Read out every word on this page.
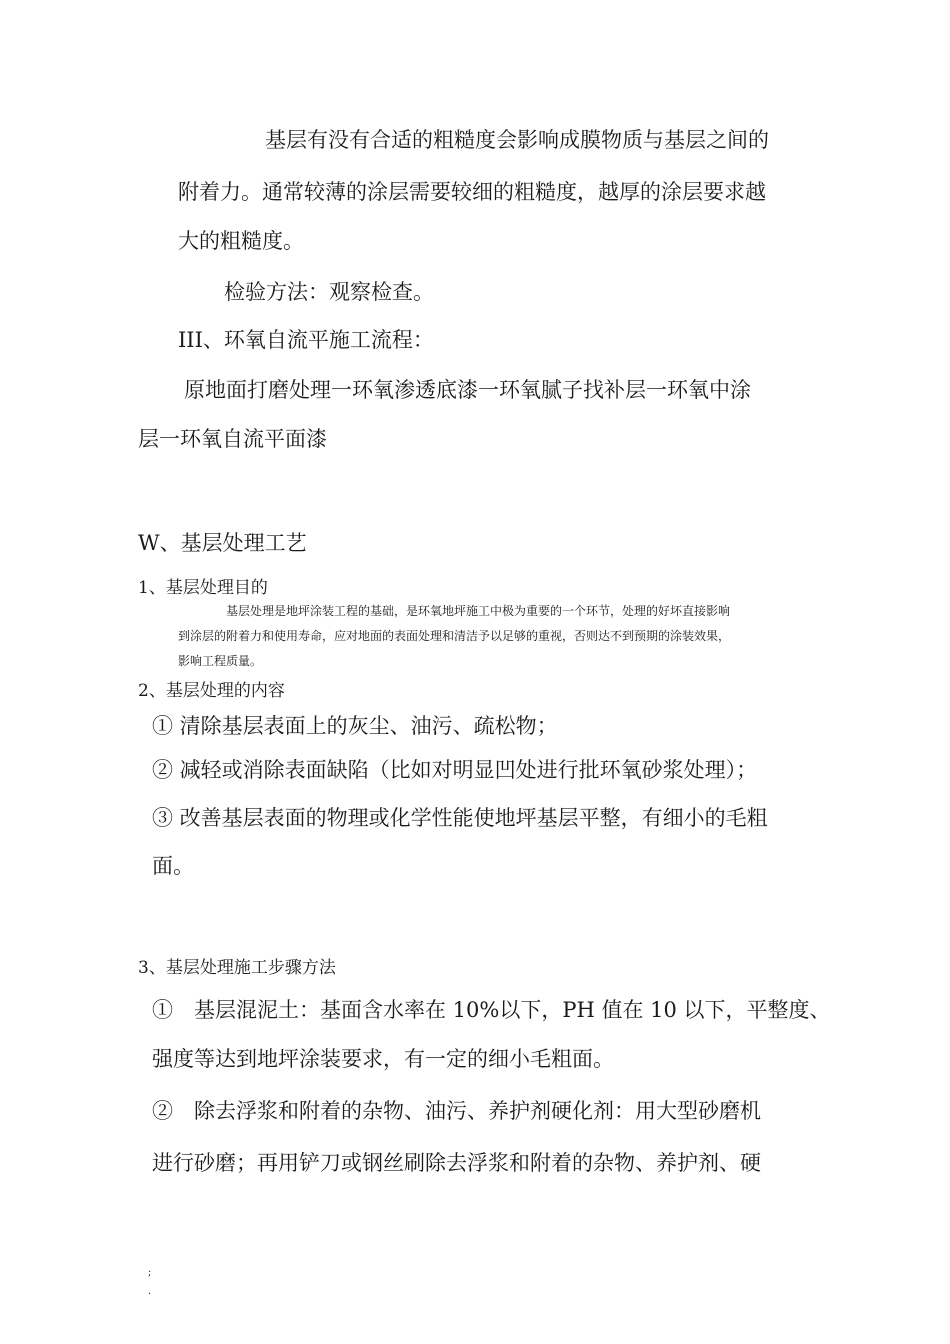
基层有没有合适的粗糙度会影响成膜物质与基层之间的
附着力。通常较薄的涂层需要较细的粗糙度，越厚的涂层要求越
大的粗糙度。
检验方法：观察检查。
III、环氧自流平施工流程：
原地面打磨处理一环氧渗透底漆一环氧腻子找补层一环氧中涂
层一环氧自流平面漆
W、基层处理工艺
1、基层处理目的
基层处理是地坪涂装工程的基础，是环氧地坪施工中极为重要的一个环节，处理的好坏直接影响
到涂层的附着力和使用寿命，应对地面的表面处理和清洁予以足够的重视，否则达不到预期的涂装效果，
影响工程质量。
2、基层处理的内容
① 清除基层表面上的灰尘、油污、疏松物；
② 减轻或消除表面缺陷（比如对明显凹处进行批环氧砂浆处理）；
③ 改善基层表面的物理或化学性能使地坪基层平整，有细小的毛粗
面。
3、基层处理施工步骤方法
①　基层混泥土：基面含水率在 10%以下，PH 值在 10 以下，平整度、
强度等达到地坪涂装要求，有一定的细小毛粗面。
②　除去浮浆和附着的杂物、油污、养护剂硬化剂：用大型砂磨机
进行砂磨；再用铲刀或钢丝刷除去浮浆和附着的杂物、养护剂、硬
;
.
